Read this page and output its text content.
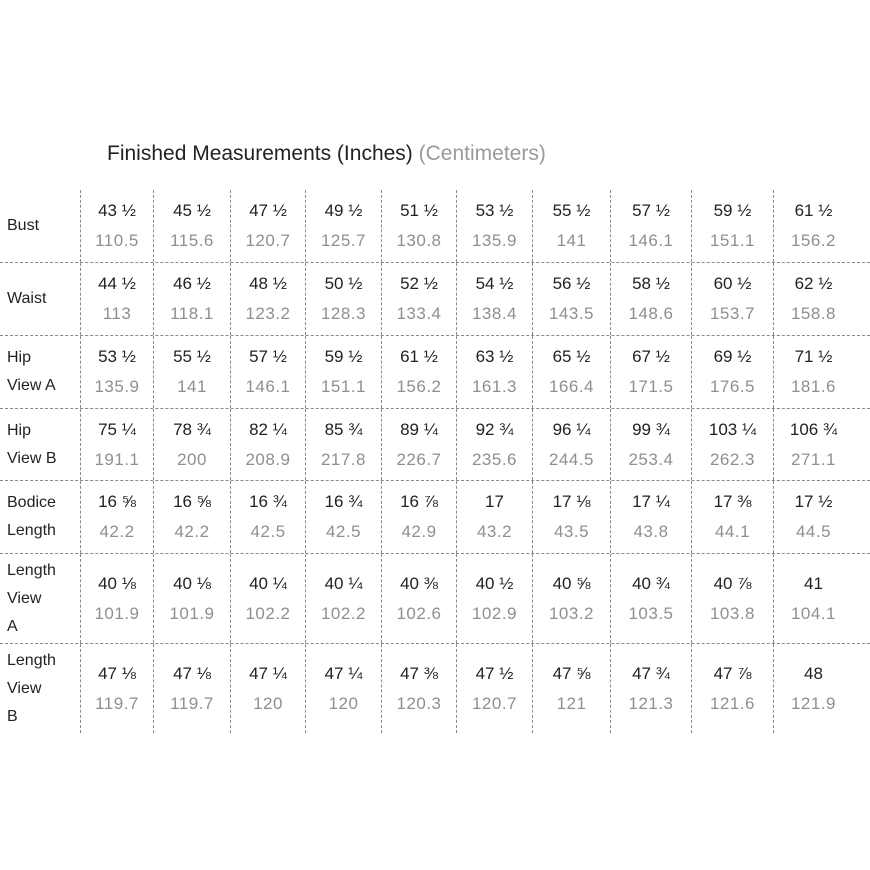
Finished Measurements (Inches) (Centimeters)
Bust
43 ½
110.5
45 ½
115.6
47 ½
120.7
49 ½
125.7
51 ½
130.8
53 ½
135.9
55 ½
141
57 ½
146.1
59 ½
151.1
61 ½
156.2
Waist
44 ½
113
46 ½
118.1
48 ½
123.2
50 ½
128.3
52 ½
133.4
54 ½
138.4
56 ½
143.5
58 ½
148.6
60 ½
153.7
62 ½
158.8
Hip
View A
53 ½
135.9
55 ½
141
57 ½
146.1
59 ½
151.1
61 ½
156.2
63 ½
161.3
65 ½
166.4
67 ½
171.5
69 ½
176.5
71 ½
181.6
Hip
View B
75 ¼
191.1
78 ¾
200
82 ¼
208.9
85 ¾
217.8
89 ¼
226.7
92 ¾
235.6
96 ¼
244.5
99 ¾
253.4
103 ¼
262.3
106 ¾
271.1
Bodice
Length
16 ⅝
42.2
16 ⅝
42.2
16 ¾
42.5
16 ¾
42.5
16 ⅞
42.9
17
43.2
17 ⅛
43.5
17 ¼
43.8
17 ⅜
44.1
17 ½
44.5
Length
View
A
40 ⅛
101.9
40 ⅛
101.9
40 ¼
102.2
40 ¼
102.2
40 ⅜
102.6
40 ½
102.9
40 ⅝
103.2
40 ¾
103.5
40 ⅞
103.8
41
104.1
Length
View
B
47 ⅛
119.7
47 ⅛
119.7
47 ¼
120
47 ¼
120
47 ⅜
120.3
47 ½
120.7
47 ⅝
121
47 ¾
121.3
47 ⅞
121.6
48
121.9
